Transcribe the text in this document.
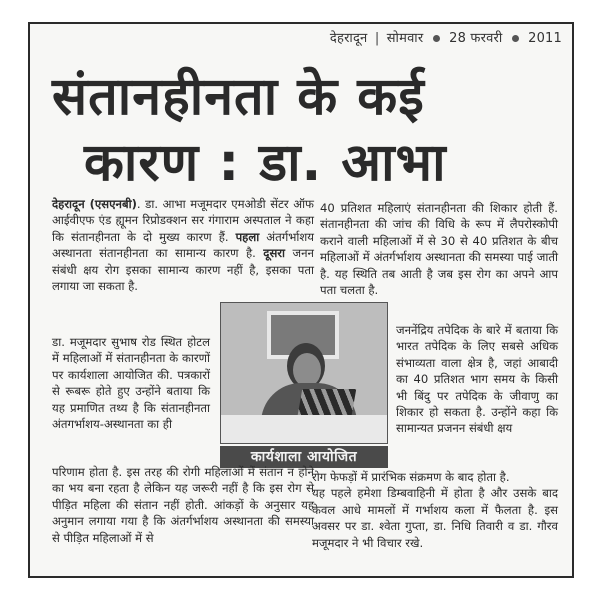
देहरादून | सोमवार 28 फरवरी 2011
संतानहीनता के कई
कारण : डा. आभा

देहरादून (एसएनबी). डा. आभा मजूमदार एमओडी सेंटर ऑफ आईवीएफ एंड ह्यूमन रिप्रोडक्शन सर गंगाराम अस्पताल ने कहा कि संतानहीनता के दो मुख्य कारण हैं. पहला अंतर्गर्भाशय अस्थानता संतानहीनता का सामान्य कारण है. दूसरा जनन संबंधी क्षय रोग इसका सामान्य कारण नहीं है, इसका पता लगाया जा सकता है.

डा. मजूमदार सुभाष रोड स्थित होटल में महिलाओं में संतानहीनता के कारणों पर कार्यशाला आयोजित की. पत्रकारों से रूबरू होते हुए उन्होंने बताया कि यह प्रमाणित तथ्य है कि संतानहीनता अंतगर्भाशय-अस्थानता का ही

कार्यशाला आयोजित

परिणाम होता है. इस तरह की रोगी महिलाओं में संतान न होने का भय बना रहता है लेकिन यह जरूरी नहीं है कि इस रोग से पीड़ित महिला की संतान नहीं होती. आंकड़ों के अनुसार यह अनुमान लगाया गया है कि अंतर्गर्भाशय अस्थानता की समस्या से पीड़ित महिलाओं में से

40 प्रतिशत महिलाएं संतानहीनता की शिकार होती हैं. संतानहीनता की जांच की विधि के रूप में लैपरोस्कोपी कराने वाली महिलाओं में से 30 से 40 प्रतिशत के बीच महिलाओं में अंतर्गर्भाशय अस्थानता की समस्या पाई जाती है. यह स्थिति तब आती है जब इस रोग का अपने आप पता चलता है.

जननेंद्रिय तपेदिक के बारे में बताया कि भारत तपेदिक के लिए सबसे अधिक संभाव्यता वाला क्षेत्र है, जहां आबादी का 40 प्रतिशत भाग समय के किसी भी बिंदु पर तपेदिक के जीवाणु का शिकार हो सकता है. उन्होंने कहा कि सामान्यत प्रजनन संबंधी क्षय

रोग फेफड़ों में प्रारंभिक संक्रमण के बाद होता है.

यह पहले हमेशा डिम्बवाहिनी में होता है और उसके बाद केवल आधे मामलों में गर्भाशय कला में फैलता है. इस अवसर पर डा. श्वेता गुप्ता, डा. निधि तिवारी व डा. गौरव मजूमदार ने भी विचार रखे.
